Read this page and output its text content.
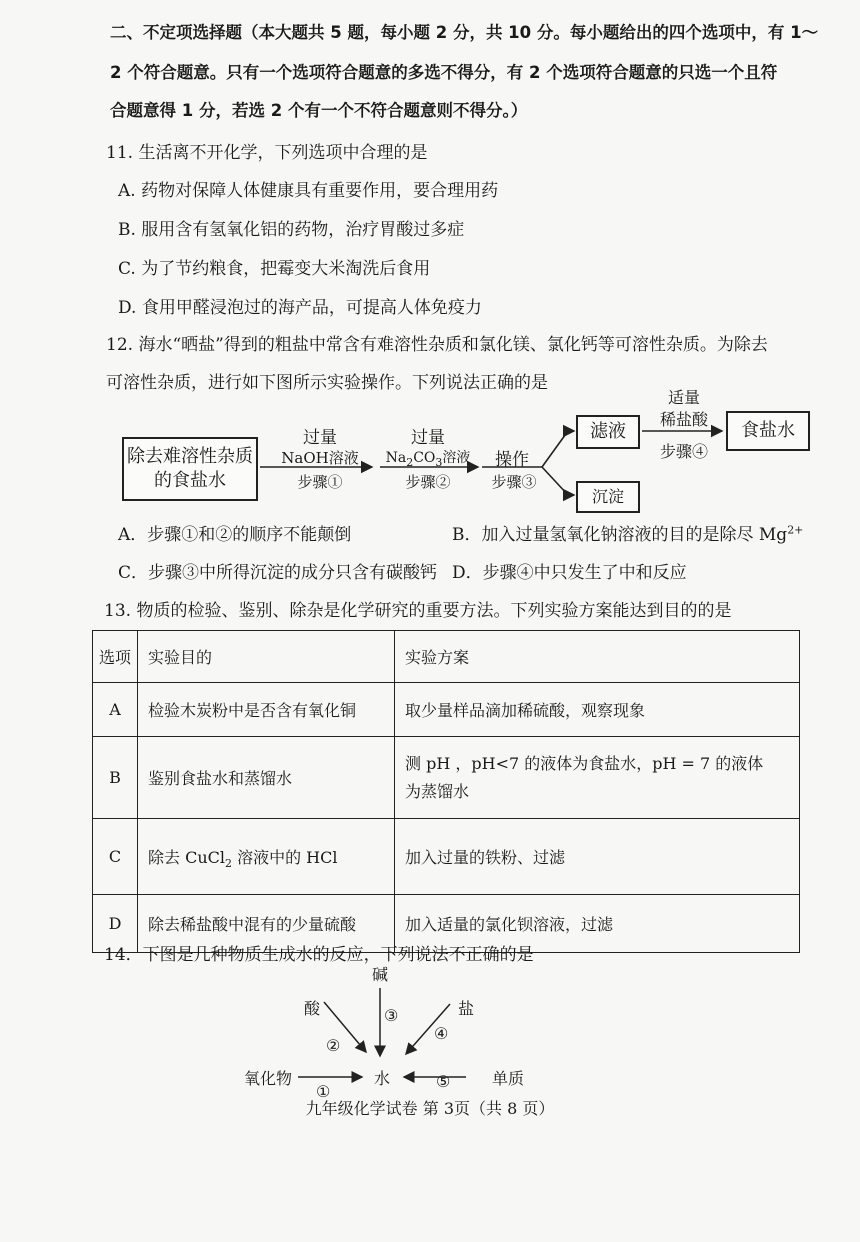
二、不定项选择题（本大题共 5 题，每小题 2 分，共 10 分。每小题给出的四个选项中，有 1～
2 个符合题意。只有一个选项符合题意的多选不得分，有 2 个选项符合题意的只选一个且符
合题意得 1 分，若选 2 个有一个不符合题意则不得分。）
11. 生活离不开化学，下列选项中合理的是
A. 药物对保障人体健康具有重要作用，要合理用药
B. 服用含有氢氧化铝的药物，治疗胃酸过多症
C. 为了节约粮食，把霉变大米淘洗后食用
D. 食用甲醛浸泡过的海产品，可提高人体免疫力
12. 海水“晒盐”得到的粗盐中常含有难溶性杂质和氯化镁、氯化钙等可溶性杂质。为除去
可溶性杂质，进行如下图所示实验操作。下列说法正确的是
除去难溶性杂质
的食盐水
过量
NaOH溶液
步骤①
过量
$Na_2CO_3$溶液
步骤②
操作
步骤③
滤液
沉淀
适量
稀盐酸
步骤④
食盐水
A．步骤①和②的顺序不能颠倒	B．加入过量氢氧化钠溶液的目的是除尽 $Mg^{2+}$
C．步骤③中所得沉淀的成分只含有碳酸钙 D．步骤④中只发生了中和反应
13. 物质的检验、鉴别、除杂是化学研究的重要方法。下列实验方案能达到目的的是
选项	实验目的	实验方案
A	检验木炭粉中是否含有氧化铜	取少量样品滴加稀硫酸，观察现象
B	鉴别食盐水和蒸馏水	测 pH ，pH<7 的液体为食盐水，pH = 7 的液体
为蒸馏水

C	除去 CuCl$_2$ 溶液中的 HCl	加入过量的铁粉、过滤
D	除去稀盐酸中混有的少量硫酸	加入适量的氯化钡溶液，过滤
14．下图是几种物质生成水的反应，下列说法不正确的是
碱
酸	盐
③
②
④
氧化物	水	单质
①
⑤
九年级化学试卷 第 3页（共 8 页）
